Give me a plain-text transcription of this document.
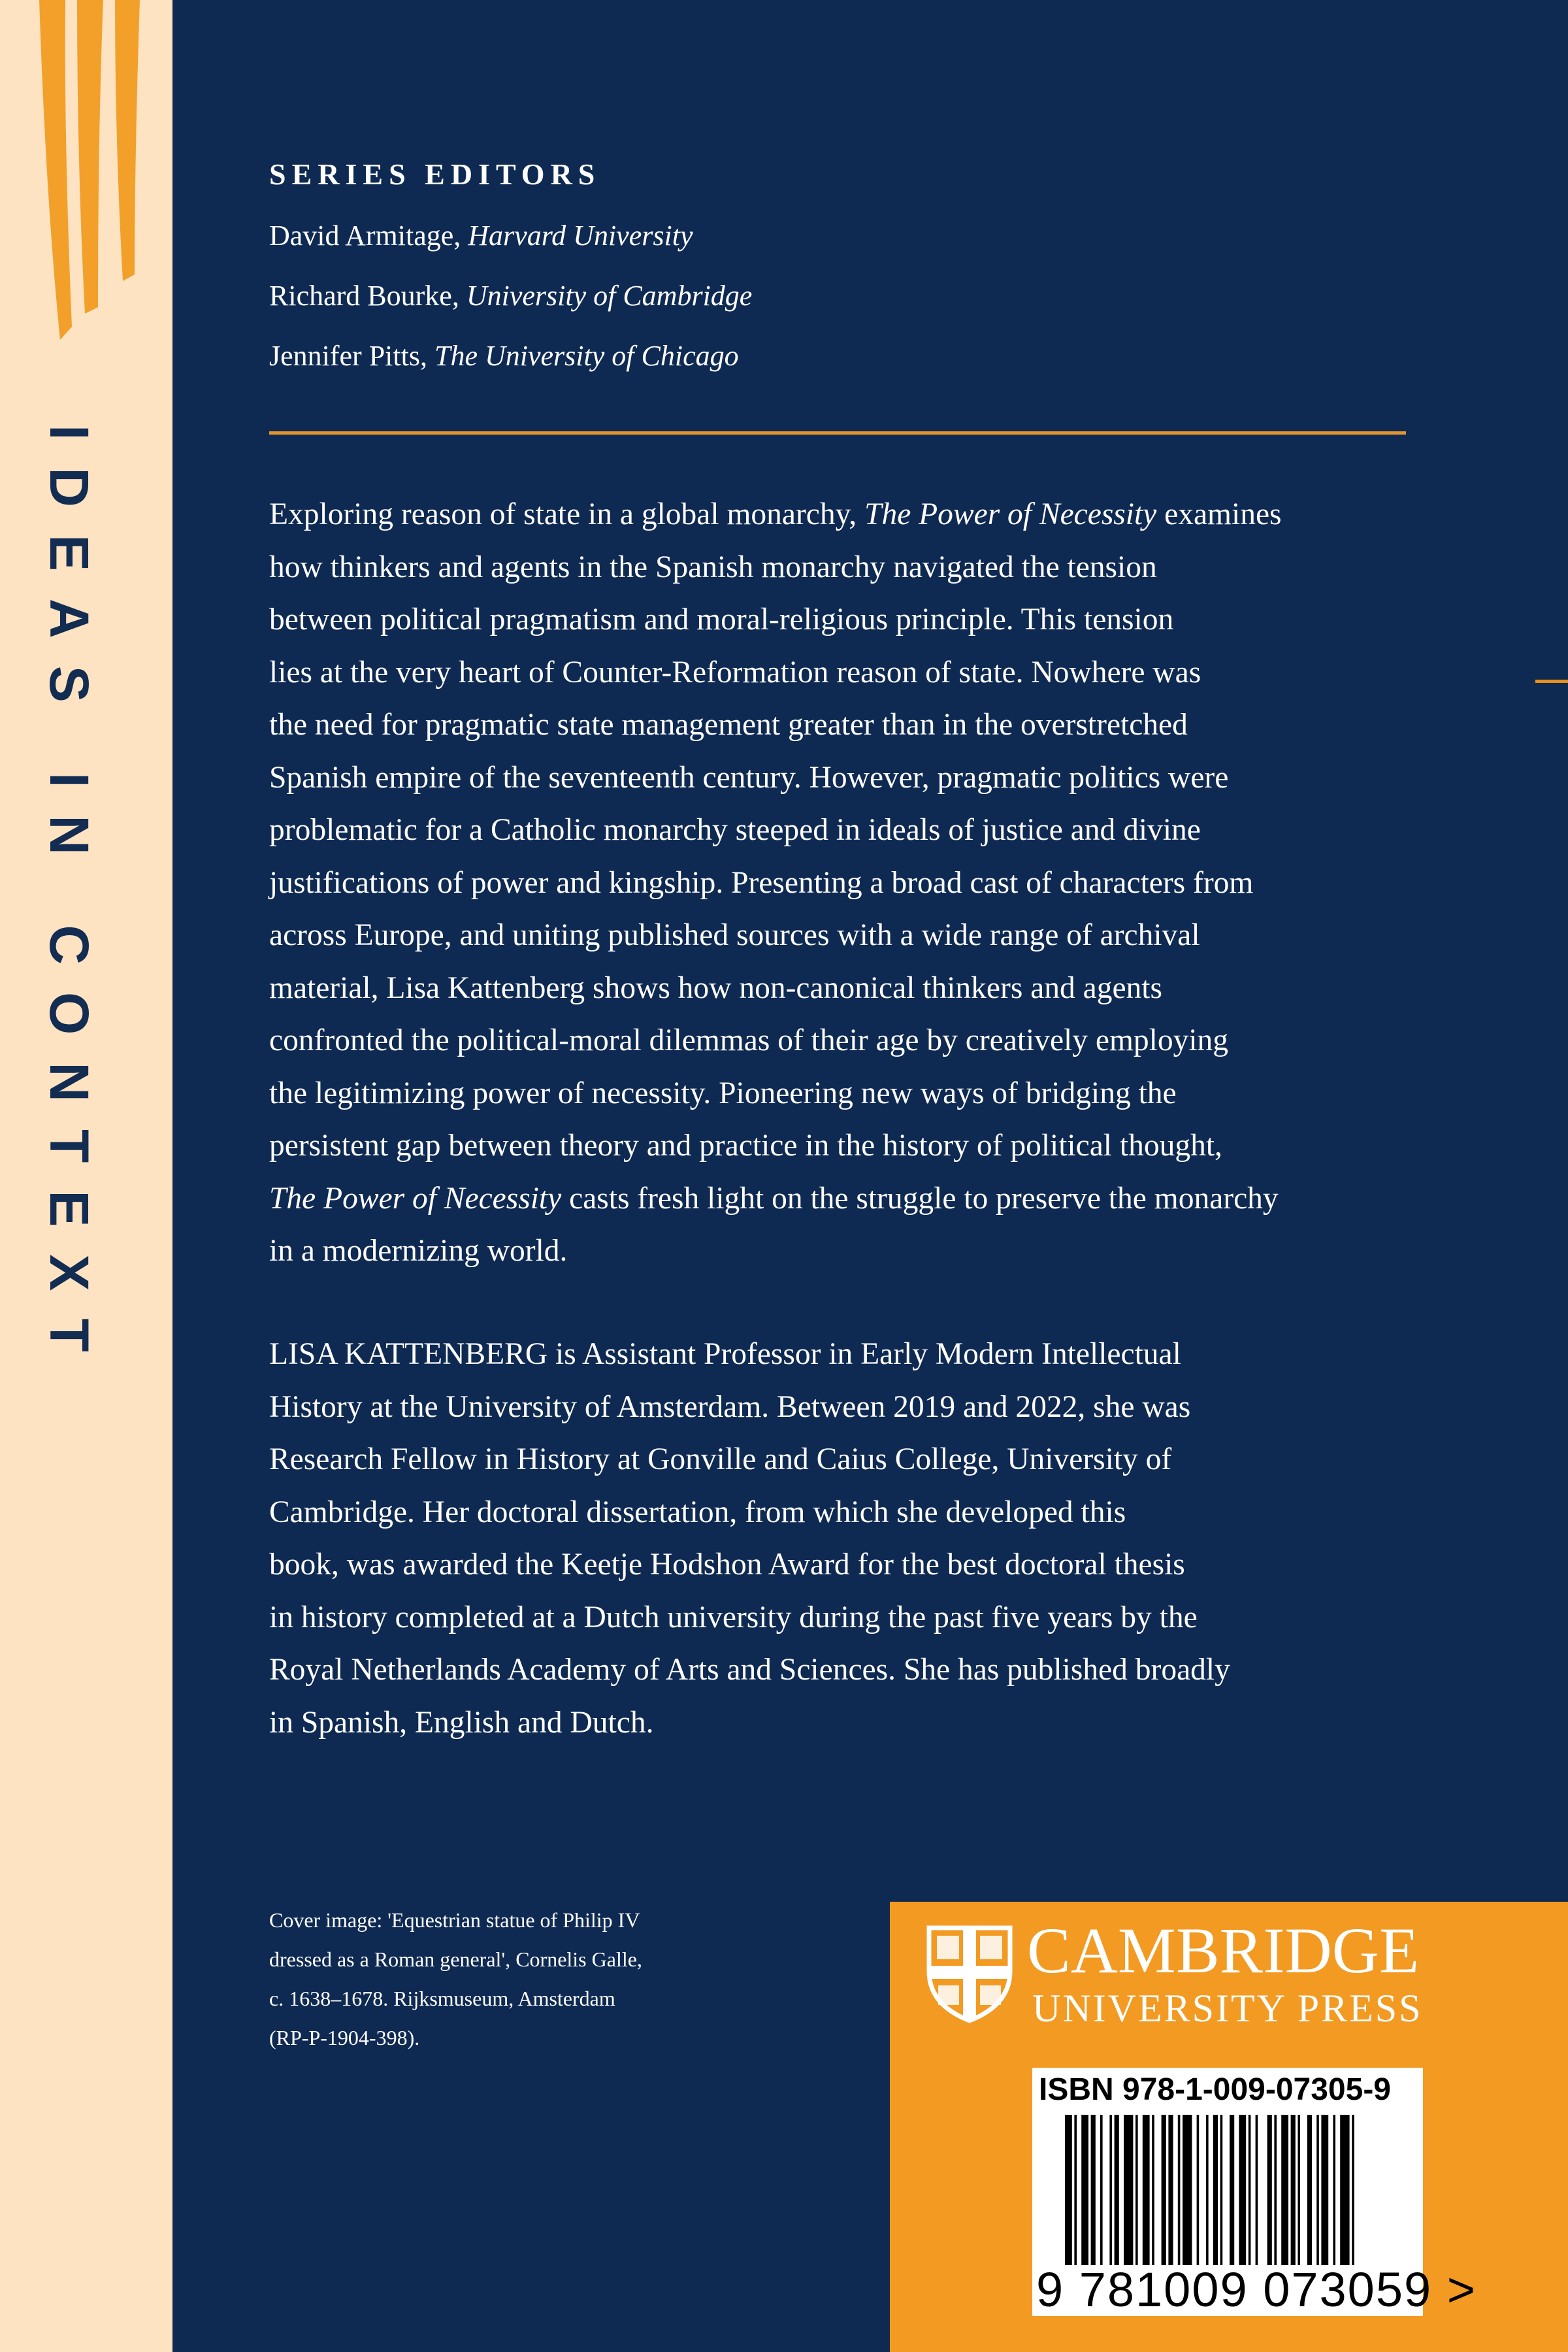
IDEAS IN CONTEXT
SERIES EDITORS
David Armitage, Harvard University
Richard Bourke, University of Cambridge
Jennifer Pitts, The University of Chicago
Exploring reason of state in a global monarchy, The Power of Necessity examines
how thinkers and agents in the Spanish monarchy navigated the tension
between political pragmatism and moral-religious principle. This tension
lies at the very heart of Counter-Reformation reason of state. Nowhere was
the need for pragmatic state management greater than in the overstretched
Spanish empire of the seventeenth century. However, pragmatic politics were
problematic for a Catholic monarchy steeped in ideals of justice and divine
justifications of power and kingship. Presenting a broad cast of characters from
across Europe, and uniting published sources with a wide range of archival
material, Lisa Kattenberg shows how non-canonical thinkers and agents
confronted the political-moral dilemmas of their age by creatively employing
the legitimizing power of necessity. Pioneering new ways of bridging the
persistent gap between theory and practice in the history of political thought,
The Power of Necessity casts fresh light on the struggle to preserve the monarchy
in a modernizing world.
LISA KATTENBERG is Assistant Professor in Early Modern Intellectual
History at the University of Amsterdam. Between 2019 and 2022, she was
Research Fellow in History at Gonville and Caius College, University of
Cambridge. Her doctoral dissertation, from which she developed this
book, was awarded the Keetje Hodshon Award for the best doctoral thesis
in history completed at a Dutch university during the past five years by the
Royal Netherlands Academy of Arts and Sciences. She has published broadly
in Spanish, English and Dutch.
Cover image: 'Equestrian statue of Philip IV
dressed as a Roman general', Cornelis Galle,
c. 1638–1678. Rijksmuseum, Amsterdam
(RP-P-1904-398).
CAMBRIDGE
UNIVERSITY PRESS
ISBN 978-1-009-07305-9
9 781009 073059 >
